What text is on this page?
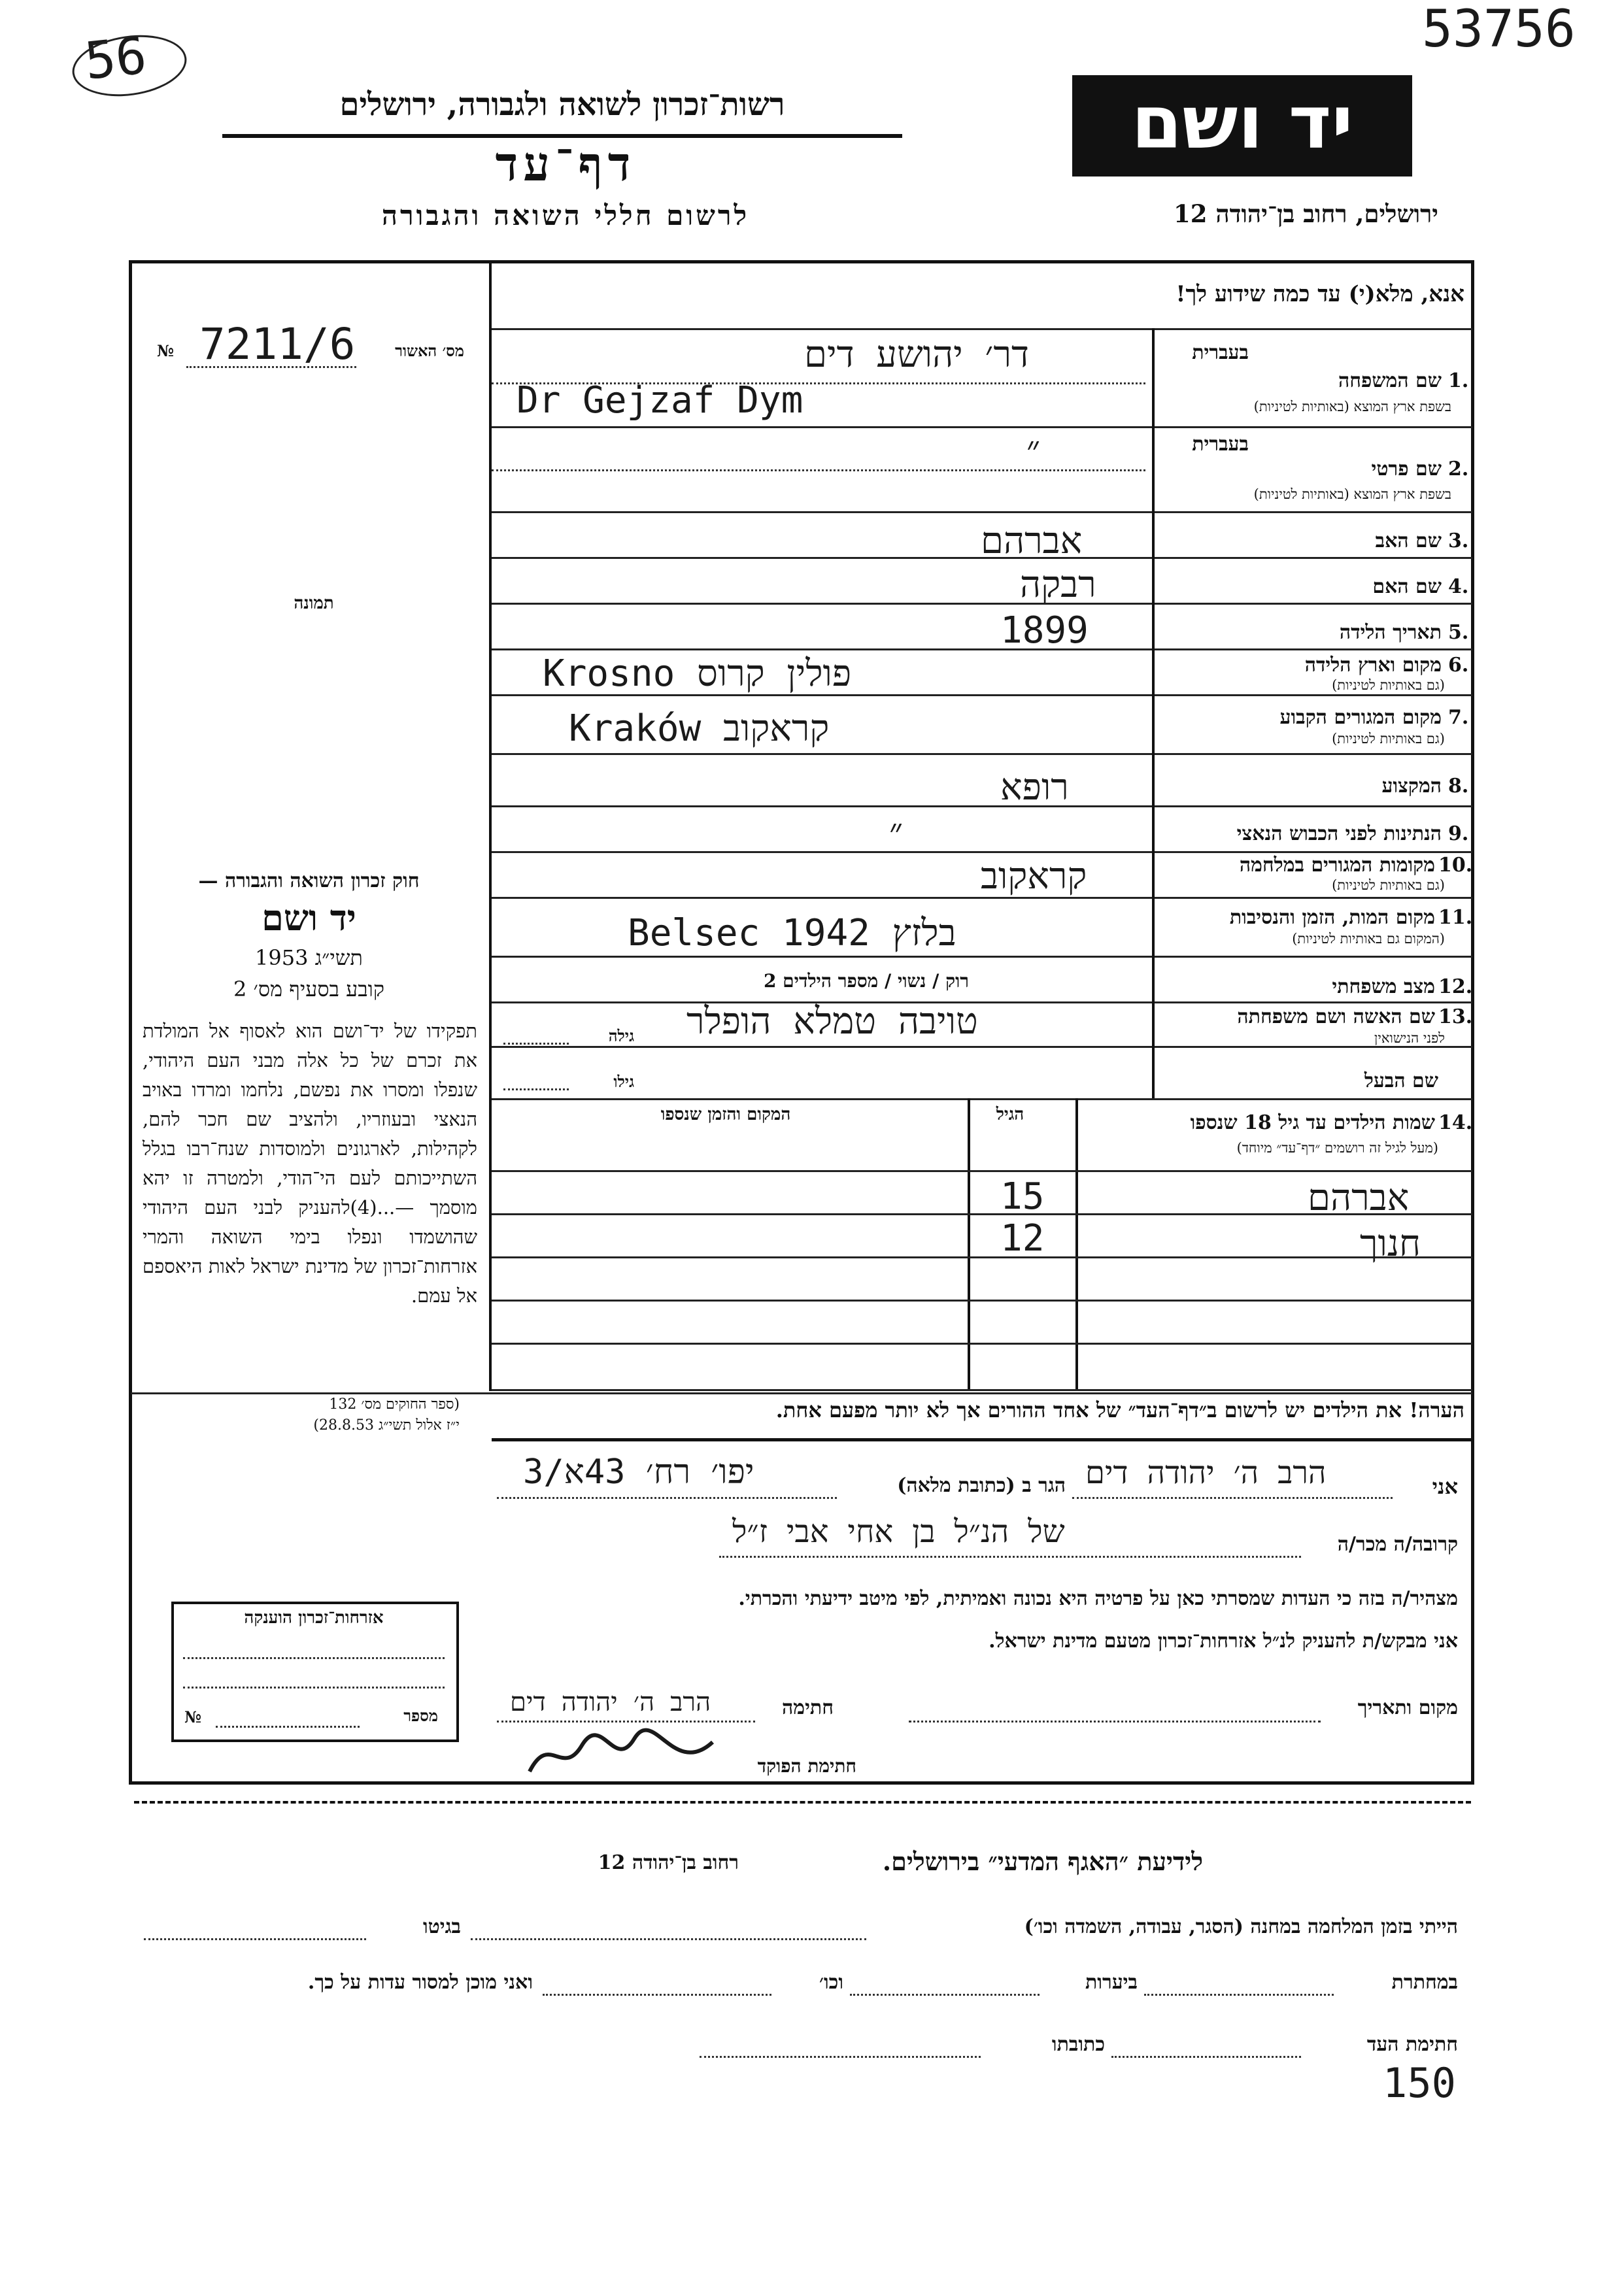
56	53756
רשות־זכרון לשואה ולגבורה, ירושלים
דף־עד
לרשום חללי השואה והגבורה
יד ושם
ירושלים, רחוב בן־יהודה 12
אנא, מלא(י) עד כמה שידוע לך!
מס׳ האשור
№ 7211/6
תמונה
1.
בעברית
שם המשפחה
בשפת ארץ המוצא (באותיות לטיניות)
2.
בעברית
שם פרטי
בשפת ארץ המוצא (באותיות לטיניות)
3.
שם האב
4.
שם האם
5.
תאריך הלידה
6.
מקום וארץ הלידה
(גם באותיות לטיניות)
7.
מקום המגורים הקבוע
(גם באותיות לטיניות)
8.
המקצוע
9.
הנתינות לפני הכבוש הנאצי
10.
מקומות המגורים במלחמה
(גם באותיות לטיניות)
11.
מקום המות, הזמן והנסיבות
(המקום גם באותיות לטיניות)
12.
מצב משפחתי
13.
שם האשה ושם משפחתה
לפני הנישואין
שם הבעל
גילה
גילו
דר׳ יהושע דים
Dr Gejzaf Dym
״
אברהם
רבקה
1899
Krosno פולין קרוס
Kraków קראקוב
רופא
״
קראקוב
Belsec בלזץ 1942
רוק / נשוי / מספר הילדים 2
טויבה טמלא הופלר
14.
שמות הילדים עד גיל 18 שנספו
(מעל לגיל זה רושמים ״דף־עד״ מיוחד)
הגיל
המקום והזמן שנספו
אברהם
15
חנוך
12
חוק זכרון השואה והגבורה —
יד ושם
תשי״ג 1953
קובע בסעיף מס׳ 2
תפקידו של יד־ושם הוא לאסוף אל המולדת את זכרם של כל אלה מבני העם היהודי, שנפלו ומסרו את נפשם, נלחמו ומרדו באויב הנאצי ובעוזריו, ולהציב שם חכר להם, לקהילות, לארגונים ולמוסדות שנח־רבו בגלל השתייכותם לעם הי־הודי, ולמטרה זו יהא מוסמך —...(4)להעניק לבני העם היהודי שהושמדו ונפלו בימי השואה והמרי אזרחות־זכרון של מדינת ישראל לאות היאספם אל עמם.
(ספר החוקים מס׳ 132
י״ז אלול תשי״ג 28.8.53)
הערה! את הילדים יש לרשום ב״דף־העד״ של אחד ההורים אך לא יותר מפעם אחת.
אני
הרב ה׳ יהודה דים
הגר ב (כתובת מלאה)
יפו׳ רח׳ 43א/3
קרובה/ה מכר/ה
של הנ״ל בן אחי אבי ז״ל
מצהיר/ה בזה כי העדות שמסרתי כאן על פרטיה היא נכונה ואמיתית, לפי מיטב ידיעתי והכרתי.
אני מבקש/ת להעניק לנ״ל אזרחות־זכרון מטעם מדינת ישראל.
מקום ותאריך
חתימה
הרב ה׳ יהודה דים
חתימת הפוקד
אזרחות־זכרון הוענקה
מספר
№
לידיעת ״האגף המדעי״ בירושלים.
רחוב בן־יהודה 12
הייתי בזמן המלחמה במחנה (הסגר, עבודה, השמדה וכו׳)
בגיטו
במחתרת
ביערות
וכו׳
ואני מוכן למסור עדות על כך.
חתימת העד
כתובתו
150
